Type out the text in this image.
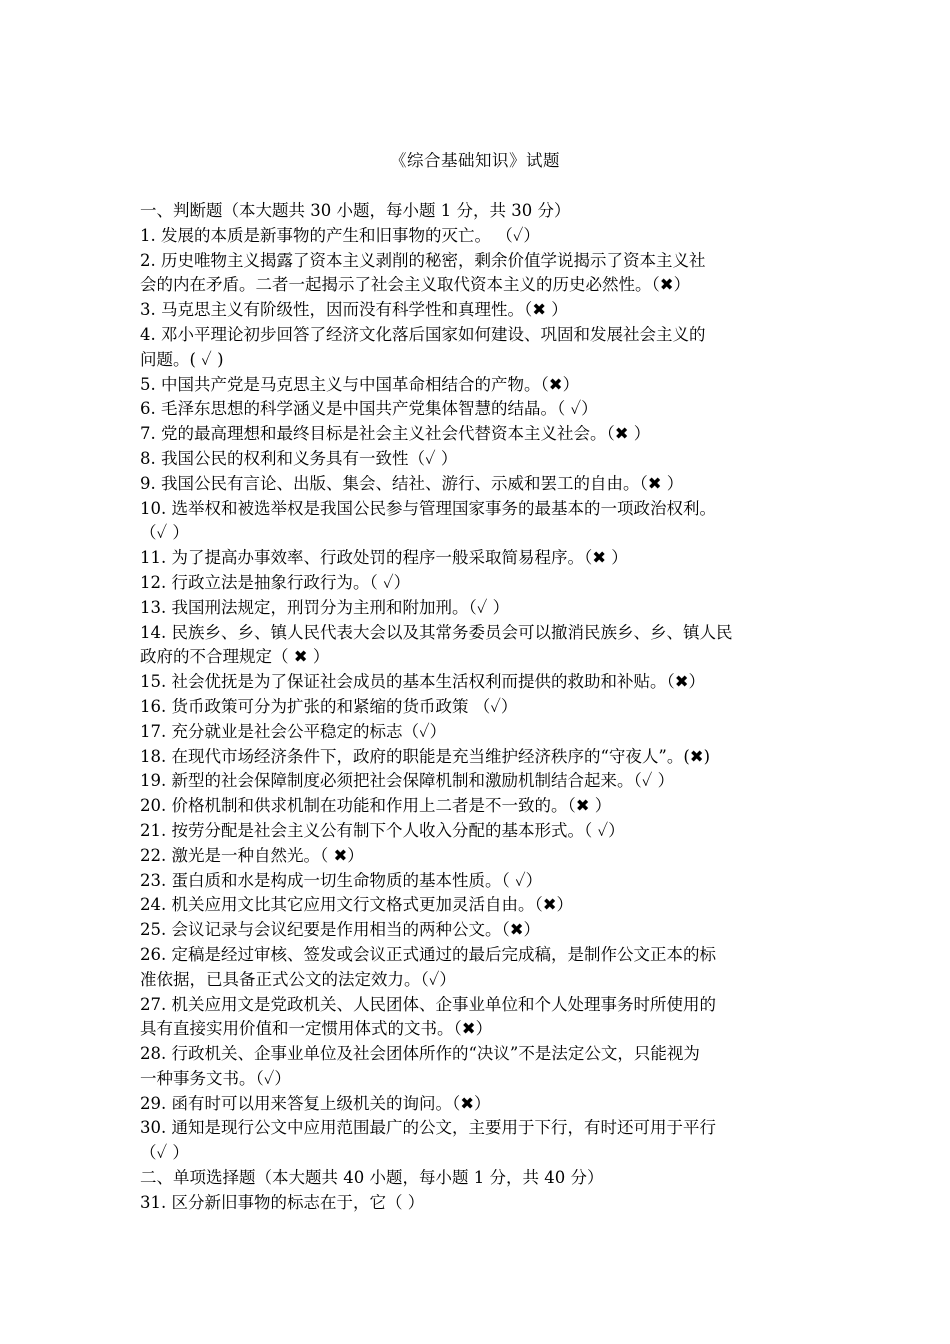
《综合基础知识》试题

一、判断题（本大题共 30 小题，每小题 1 分，共 30 分）

1. 发展的本质是新事物的产生和旧事物的灭亡。 （✓）

2. 历史唯物主义揭露了资本主义剥削的秘密，剩余价值学说揭示了资本主义社

会的内在矛盾。二者一起揭示了社会主义取代资本主义的历史必然性。（✖）

3. 马克思主义有阶级性，因而没有科学性和真理性。（✖ ）

4. 邓小平理论初步回答了经济文化落后国家如何建设、巩固和发展社会主义的

问题。( ✓ )

5. 中国共产党是马克思主义与中国革命相结合的产物。（✖）

6. 毛泽东思想的科学涵义是中国共产党集体智慧的结晶。（ ✓）

7. 党的最高理想和最终目标是社会主义社会代替资本主义社会。（✖ ）

8. 我国公民的权利和义务具有一致性（✓ ）

9. 我国公民有言论、出版、集会、结社、游行、示威和罢工的自由。（✖ ）

10. 选举权和被选举权是我国公民参与管理国家事务的最基本的一项政治权利。

（✓ ）

11. 为了提高办事效率、行政处罚的程序一般采取简易程序。（✖ ）

12. 行政立法是抽象行政行为。（ ✓）

13. 我国刑法规定，刑罚分为主刑和附加刑。（✓ ）

14. 民族乡、乡、镇人民代表大会以及其常务委员会可以撤消民族乡、乡、镇人民

政府的不合理规定（ ✖ ）

15. 社会优抚是为了保证社会成员的基本生活权利而提供的救助和补贴。（✖）

16. 货币政策可分为扩张的和紧缩的货币政策 （✓）

17. 充分就业是社会公平稳定的标志（✓）

18. 在现代市场经济条件下，政府的职能是充当维护经济秩序的“守夜人”。(✖)

19. 新型的社会保障制度必须把社会保障机制和激励机制结合起来。（✓ ）

20. 价格机制和供求机制在功能和作用上二者是不一致的。（✖ ）

21. 按劳分配是社会主义公有制下个人收入分配的基本形式。（ ✓）

22. 激光是一种自然光。（ ✖）

23. 蛋白质和水是构成一切生命物质的基本性质。（ ✓）

24. 机关应用文比其它应用文行文格式更加灵活自由。（✖）

25. 会议记录与会议纪要是作用相当的两种公文。（✖）

26. 定稿是经过审核、签发或会议正式通过的最后完成稿，是制作公文正本的标

准依据，已具备正式公文的法定效力。（✓）

27. 机关应用文是党政机关、人民团体、企事业单位和个人处理事务时所使用的

具有直接实用价值和一定惯用体式的文书。（✖）

28. 行政机关、企事业单位及社会团体所作的“决议”不是法定公文，只能视为

一种事务文书。（✓）

29. 函有时可以用来答复上级机关的询问。（✖）

30. 通知是现行公文中应用范围最广的公文，主要用于下行，有时还可用于平行

（✓ ）

二、单项选择题（本大题共 40 小题，每小题 1 分，共 40 分）

31. 区分新旧事物的标志在于，它（ ）
